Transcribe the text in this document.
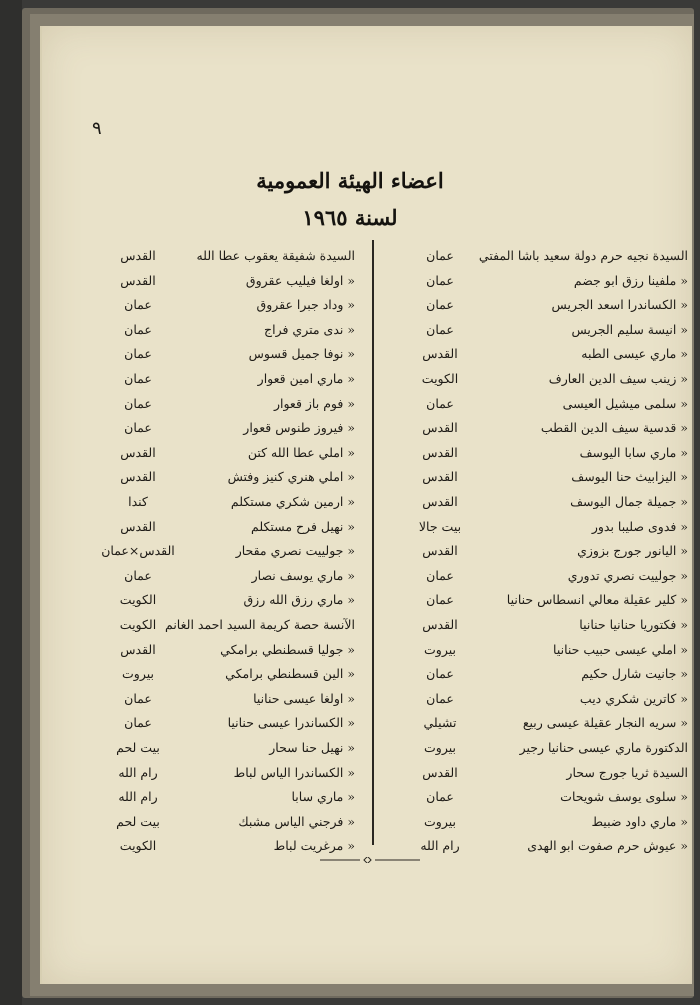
٩
اعضاء الهيئة العمومية
لسنة ١٩٦٥
السيدة نجيه حرم دولة سعيد باشا المفتي
عمان
« ملفينا رزق ابو جضم
عمان
« الكساندرا اسعد الجريس
عمان
« انيسة سليم الجريس
عمان
« ماري عيسى الطبه
القدس
« زينب سيف الدين العارف
الكويت
« سلمى ميشيل العيسى
عمان
« قدسية سيف الدين القطب
القدس
« ماري سابا اليوسف
القدس
« اليزابيث حنا اليوسف
القدس
« جميلة جمال اليوسف
القدس
« فدوى صليبا بدور
بيت جالا
« اليانور جورج بزوزي
القدس
« جولييت نصري تدوري
عمان
« كلير عقيلة معالي انسطاس حنانيا
عمان
« فكتوريا حنانيا حنانيا
القدس
« املي عيسى حبيب حنانيا
بيروت
« جانيت شارل حكيم
عمان
« كاترين شكري ديب
عمان
« سريه النجار عقيلة عيسى ربيع
تشيلي
الدكتورة ماري عيسى حنانيا رجير
بيروت
السيدة ثريا جورج سحار
القدس
« سلوى يوسف شويحات
عمان
« ماري داود ضبيط
بيروت
« عيوش حرم صفوت ابو الهدى
رام الله
السيدة شفيقة يعقوب عطا الله
القدس
« اولغا فيليب عقروق
القدس
« وداد جبرا عقروق
عمان
« ندى متري فراج
عمان
« نوفا جميل قسوس
عمان
« ماري امين قعوار
عمان
« فوم باز قعوار
عمان
« فيروز طنوس قعوار
عمان
« املي عطا الله كتن
القدس
« املي هنري كنيز وفتش
القدس
« ارمين شكري مستكلم
كندا
« نهيل فرح مستكلم
القدس
« جولييت نصري مقحار
القدس×عمان
« ماري يوسف نصار
عمان
« ماري رزق الله رزق
الكويت
الآنسة حصة كريمة السيد احمد الغانم
الكويت
« جوليا قسطنطي برامكي
القدس
« الين قسطنطي برامكي
بيروت
« اولغا عيسى حنانيا
عمان
« الكساندرا عيسى حنانيا
عمان
« نهيل حنا سحار
بيت لحم
« الكساندرا الياس لباط
رام الله
« ماري سابا
رام الله
« فرجني الياس مشبك
بيت لحم
« مرغريت لباط
الكويت
